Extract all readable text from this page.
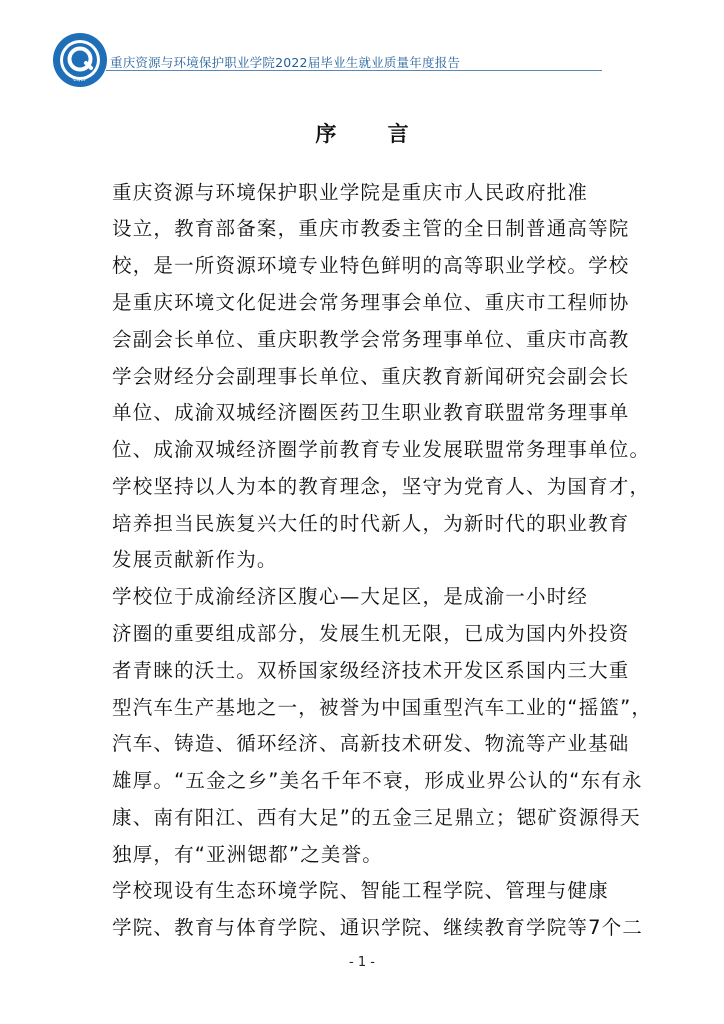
CQEP
重庆资源与环境保护职业学院2022届毕业生就业质量年度报告
序 言
重庆资源与环境保护职业学院是重庆市人民政府批准
设立，教育部备案，重庆市教委主管的全日制普通高等院
校，是一所资源环境专业特色鲜明的高等职业学校。学校
是重庆环境文化促进会常务理事会单位、重庆市工程师协
会副会长单位、重庆职教学会常务理事单位、重庆市高教
学会财经分会副理事长单位、重庆教育新闻研究会副会长
单位、成渝双城经济圈医药卫生职业教育联盟常务理事单
位、成渝双城经济圈学前教育专业发展联盟常务理事单位。
学校坚持以人为本的教育理念，坚守为党育人、为国育才，
培养担当民族复兴大任的时代新人，为新时代的职业教育
发展贡献新作为。
学校位于成渝经济区腹心—大足区，是成渝一小时经
济圈的重要组成部分，发展生机无限，已成为国内外投资
者青睐的沃土。双桥国家级经济技术开发区系国内三大重
型汽车生产基地之一，被誉为中国重型汽车工业的“摇篮”，
汽车、铸造、循环经济、高新技术研发、物流等产业基础
雄厚。“五金之乡”美名千年不衰，形成业界公认的“东有永
康、南有阳江、西有大足”的五金三足鼎立；锶矿资源得天
独厚，有“亚洲锶都”之美誉。
学校现设有生态环境学院、智能工程学院、管理与健康
学院、教育与体育学院、通识学院、继续教育学院等7个二
- 1 -
